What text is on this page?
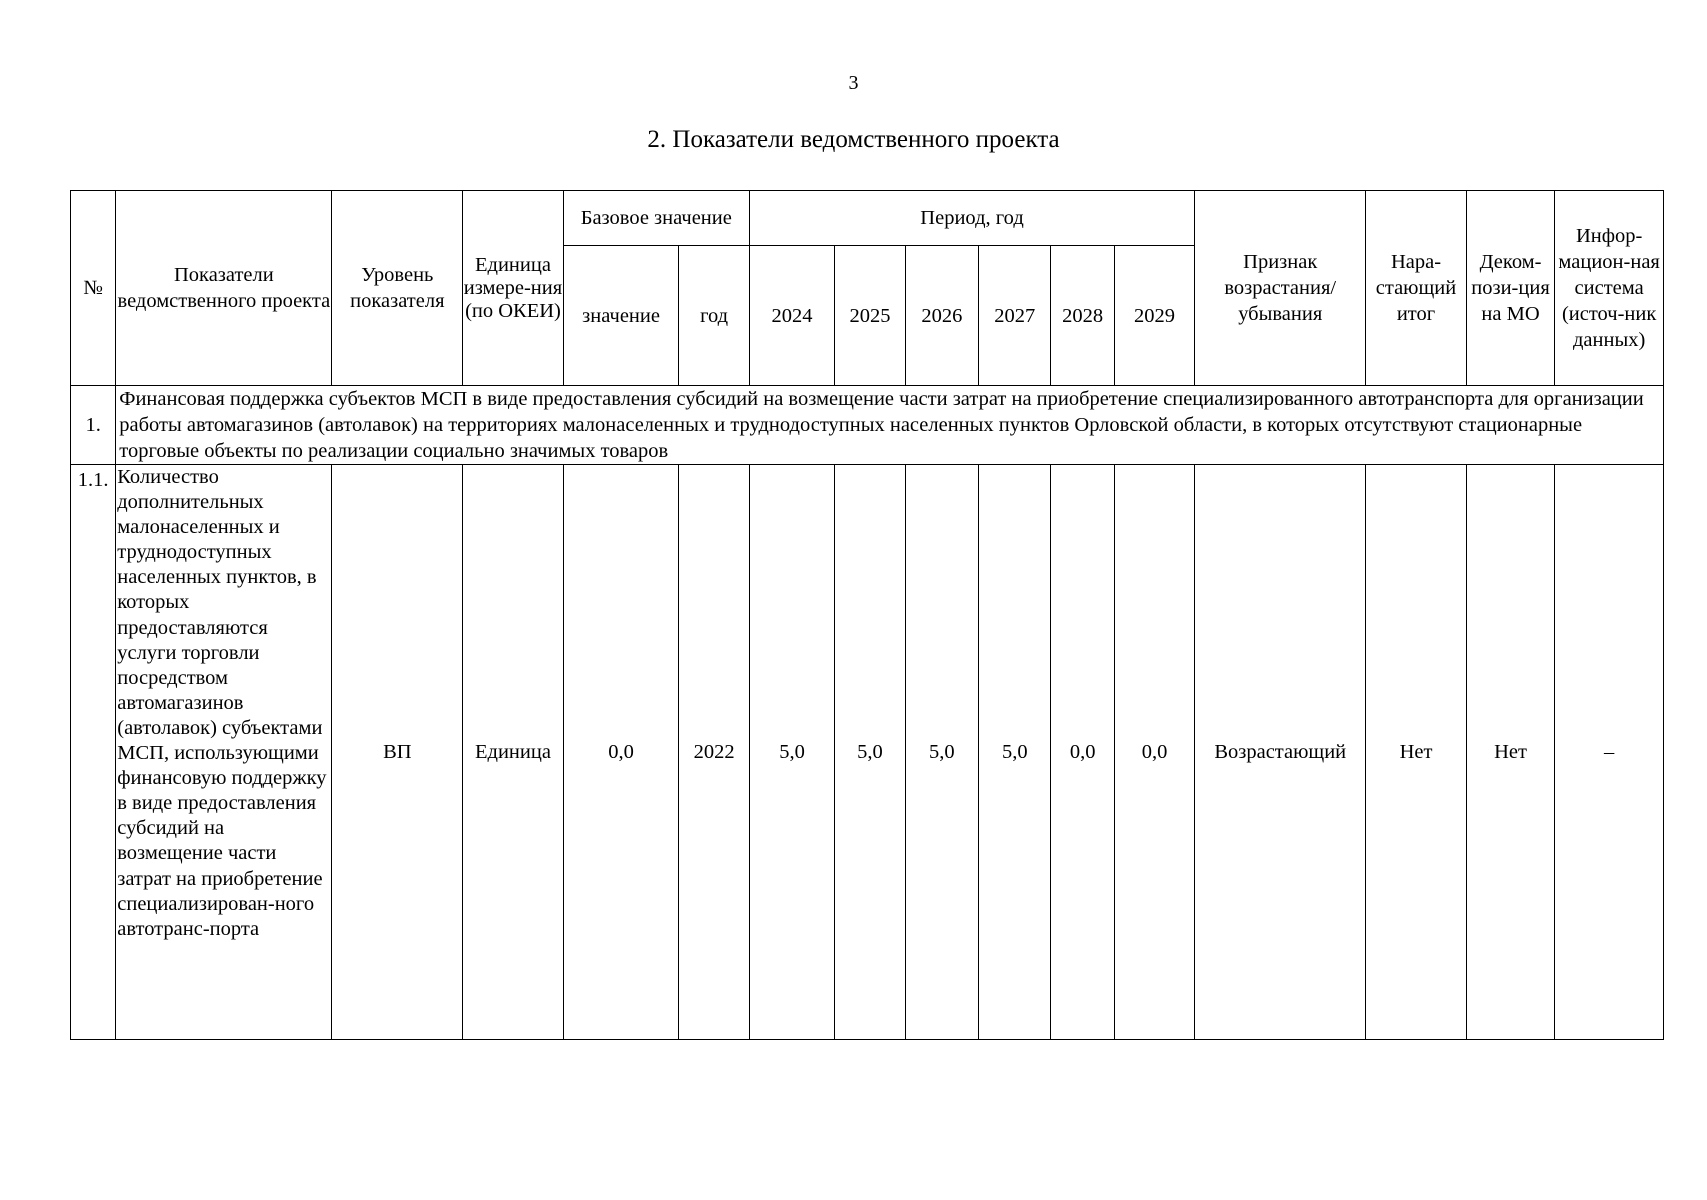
3
2. Показатели ведомственного проекта
№	Показатели ведомственного проекта	Уровень показателя	Единица измере-ния (по ОКЕИ)	Базовое значение		Период, год						Признак возрастания/ убывания	Нара-стающий итог	Деком-пози-ция на МО	Инфор-мацион-ная система (источ-ник данных)
				значение	год	2024	2025	2026	2027	2028	2029				
1.	Финансовая поддержка субъектов МСП в виде предоставления субсидий на возмещение части затрат на приобретение специализированного автотранспорта для организации работы автомагазинов (автолавок) на территориях малонаселенных и труднодоступных населенных пунктов Орловской области, в которых отсутствуют стационарные торговые объекты по реализации социально значимых товаров														
1.1.	Количество дополнительных малонаселенных и труднодоступных населенных пунктов, в которых предоставляются услуги торговли посредством автомагазинов (автолавок) субъектами МСП, использующими финансовую поддержку в виде предоставления субсидий на возмещение части затрат на приобретение специализирован-ного автотранс-порта	ВП	Единица	0,0	2022	5,0	5,0	5,0	5,0	0,0	0,0	Возрастающий	Нет	Нет	–
